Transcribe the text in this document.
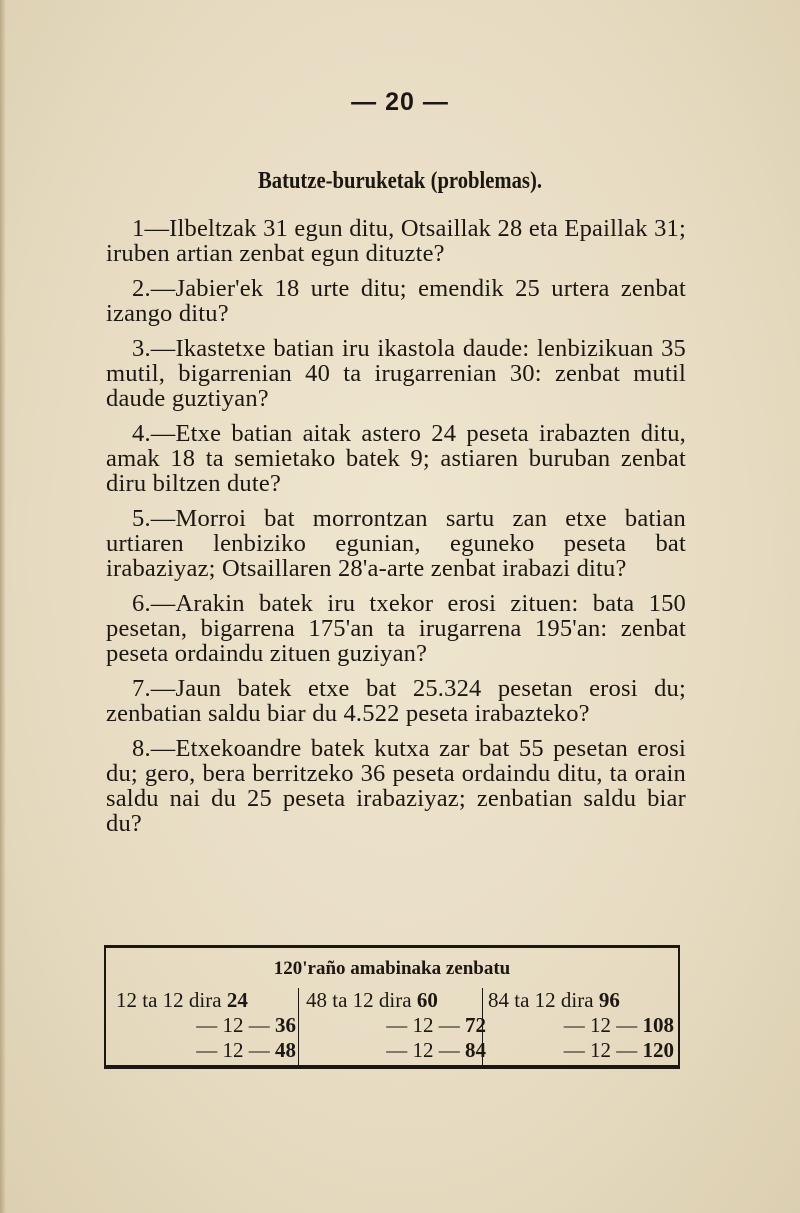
— 20 —
Batutze-buruketak (problemas).

1—Ilbeltzak 31 egun ditu, Otsaillak 28 eta Epaillak 31; iruben artian zenbat egun dituzte?

2.—Jabier'ek 18 urte ditu; emendik 25 urtera zenbat izango ditu?

3.—Ikastetxe batian iru ikastola daude: lenbizikuan 35 mutil, bigarrenian 40 ta irugarrenian 30: zenbat mutil daude guztiyan?

4.—Etxe batian aitak astero 24 peseta irabazten ditu, amak 18 ta semietako batek 9; astiaren buruban zenbat diru biltzen dute?

5.—Morroi bat morrontzan sartu zan etxe batian urtiaren lenbiziko egunian, eguneko peseta bat irabaziyaz; Otsaillaren 28'a-arte zenbat irabazi ditu?

6.—Arakin batek iru txekor erosi zituen: bata 150 pesetan, bigarrena 175'an ta irugarrena 195'an: zenbat peseta ordaindu zituen guziyan?

7.—Jaun batek etxe bat 25.324 pesetan erosi du; zenbatian saldu biar du 4.522 peseta irabazteko?

8.—Etxekoandre batek kutxa zar bat 55 pesetan erosi du; gero, bera berritzeko 36 peseta ordaindu ditu, ta orain saldu nai du 25 peseta irabaziyaz; zenbatian saldu biar du?

120'raño amabinaka zenbatu
12 ta 12 dira 24
— 12 — 36
— 12 — 48
48 ta 12 dira 60
— 12 — 72
— 12 — 84
84 ta 12 dira 96
— 12 — 108
— 12 — 120
